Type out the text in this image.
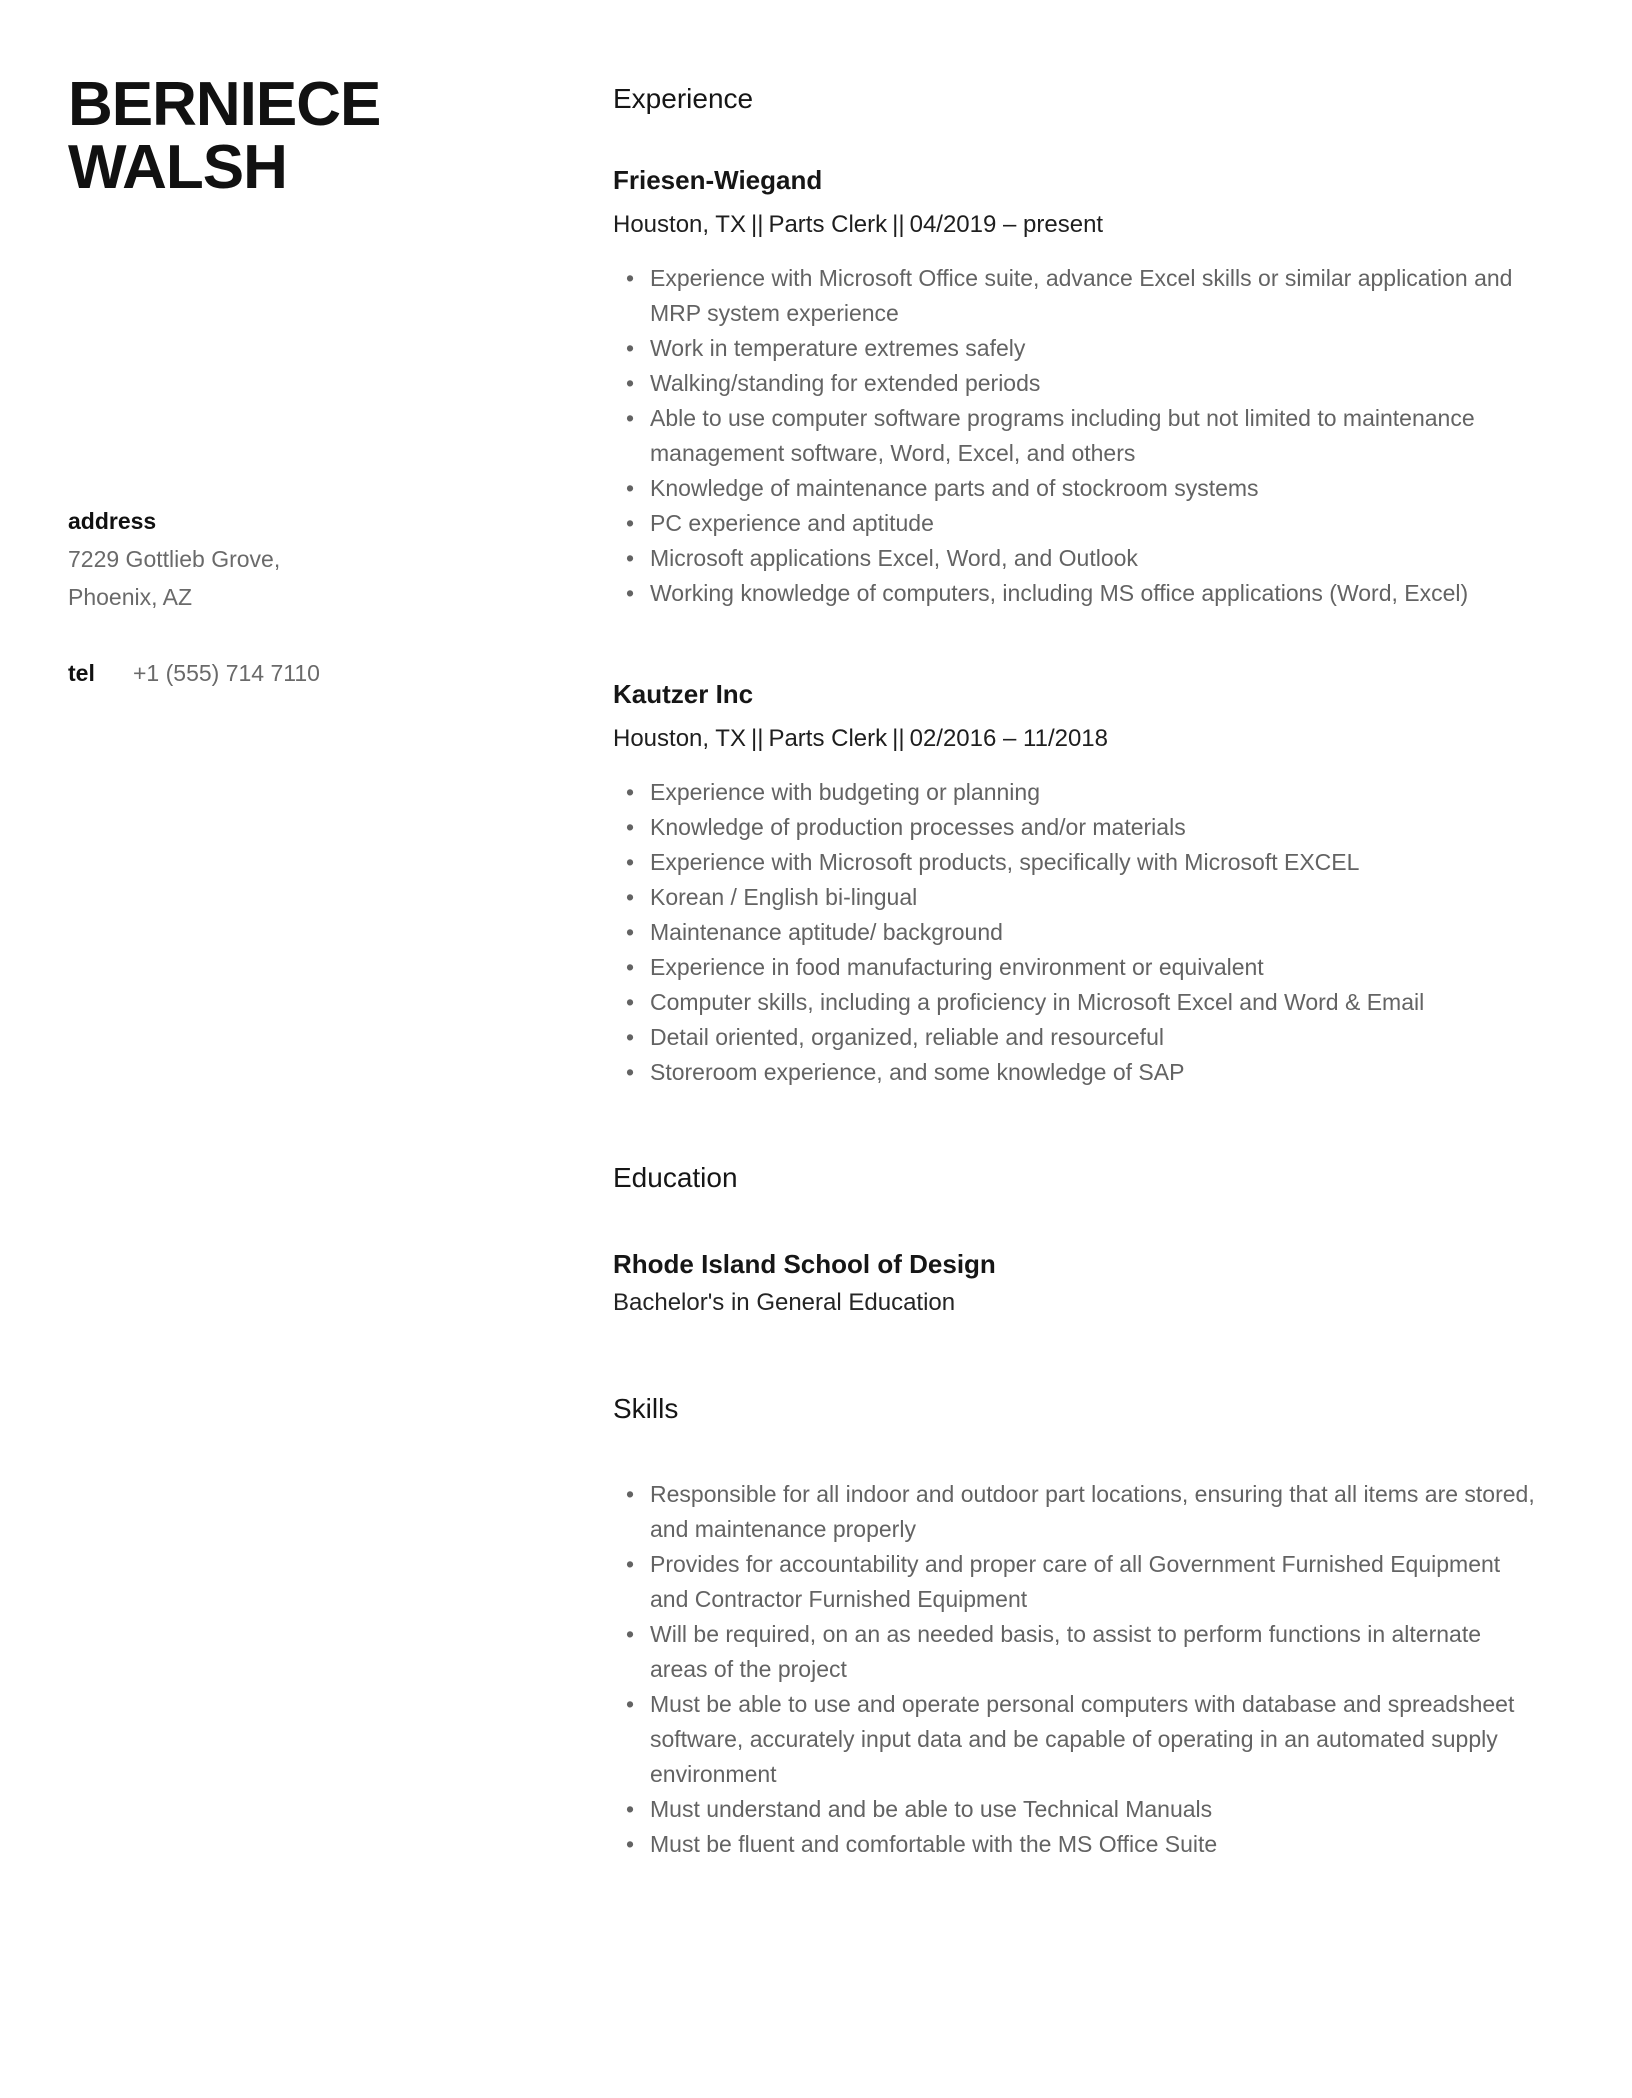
BERNIECE WALSH
address
7229 Gottlieb Grove,
Phoenix, AZ
tel +1 (555) 714 7110
Experience
Friesen-Wiegand

Houston, TX || Parts Clerk || 04/2019 – present

• Experience with Microsoft Office suite, advance Excel skills or similar application and MRP system experience
• Work in temperature extremes safely
• Walking/standing for extended periods
• Able to use computer software programs including but not limited to maintenance management software, Word, Excel, and others
• Knowledge of maintenance parts and of stockroom systems
• PC experience and aptitude
• Microsoft applications Excel, Word, and Outlook
• Working knowledge of computers, including MS office applications (Word, Excel)
Kautzer Inc

Houston, TX || Parts Clerk || 02/2016 – 11/2018

• Experience with budgeting or planning
• Knowledge of production processes and/or materials
• Experience with Microsoft products, specifically with Microsoft EXCEL
• Korean / English bi-lingual
• Maintenance aptitude/ background
• Experience in food manufacturing environment or equivalent
• Computer skills, including a proficiency in Microsoft Excel and Word & Email
• Detail oriented, organized, reliable and resourceful
• Storeroom experience, and some knowledge of SAP
Education
Rhode Island School of Design

Bachelor's in General Education

Skills
• Responsible for all indoor and outdoor part locations, ensuring that all items are stored, and maintenance properly
• Provides for accountability and proper care of all Government Furnished Equipment and Contractor Furnished Equipment
• Will be required, on an as needed basis, to assist to perform functions in alternate areas of the project
• Must be able to use and operate personal computers with database and spreadsheet software, accurately input data and be capable of operating in an automated supply environment
• Must understand and be able to use Technical Manuals
• Must be fluent and comfortable with the MS Office Suite
